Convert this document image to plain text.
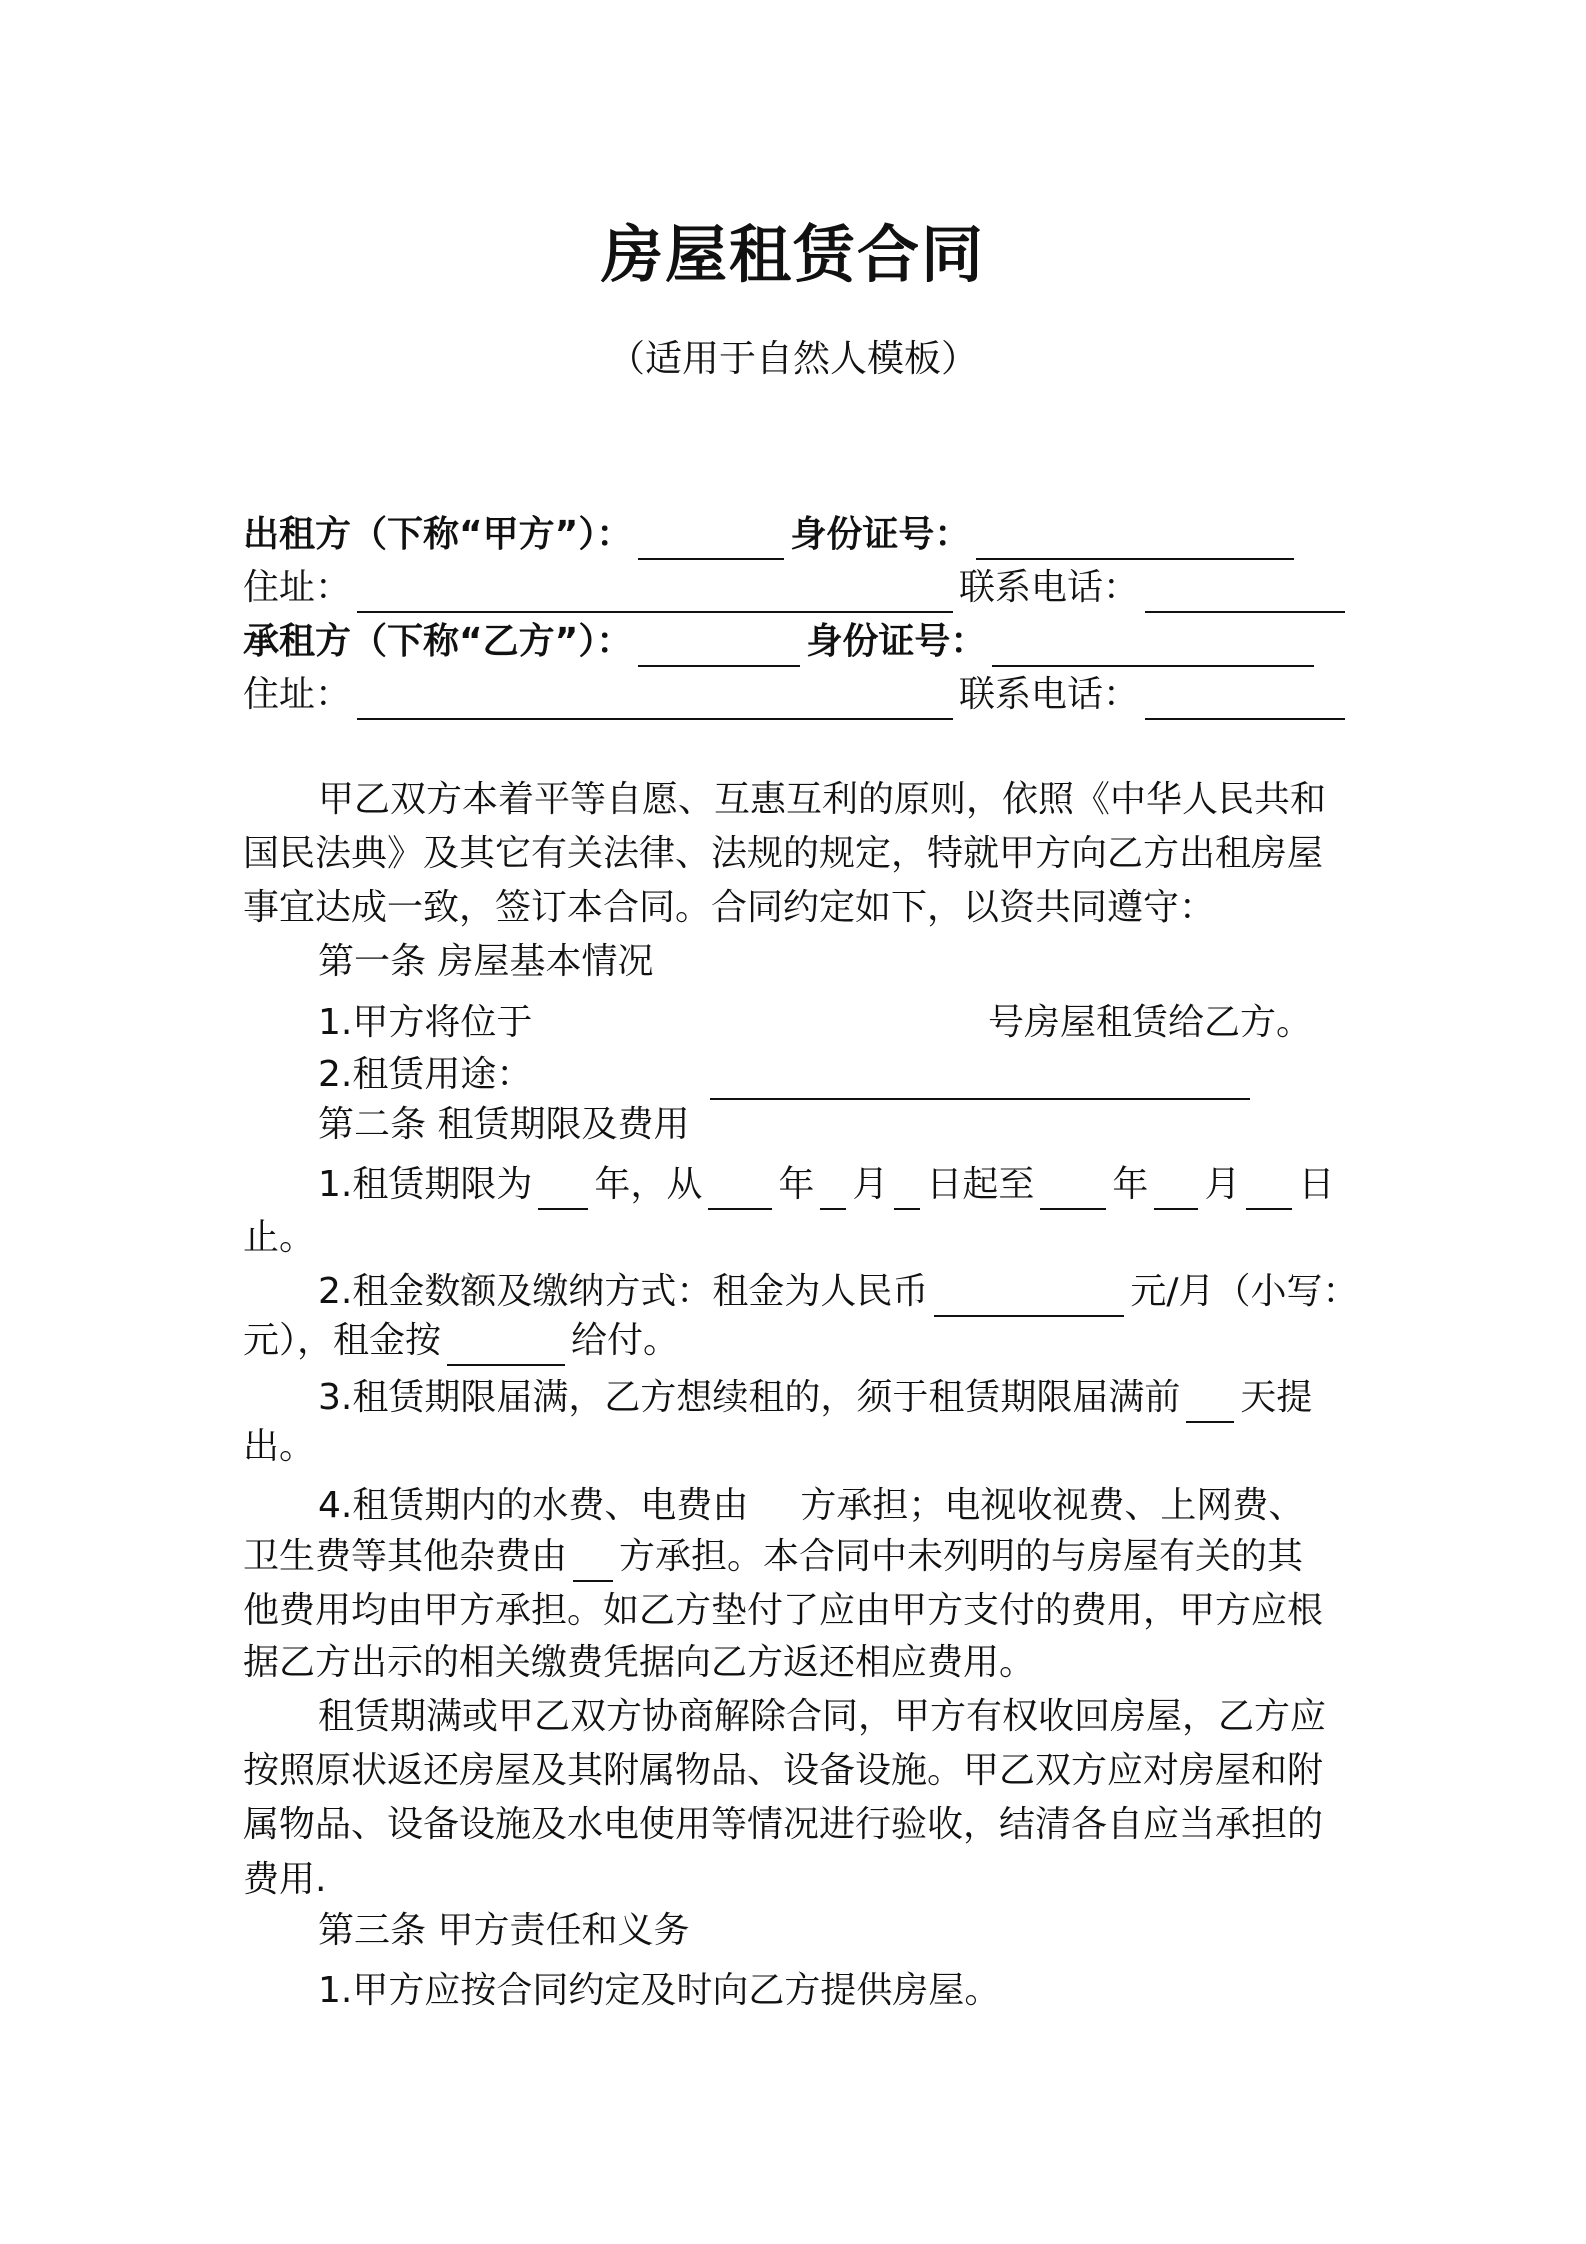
房屋租赁合同
（适用于自然人模板）
出租方（下称“甲方”）：	身份证号：
住址：	联系电话：
承租方（下称“乙方”）：	身份证号：
住址：	联系电话：
甲乙双方本着平等自愿、互惠互利的原则，依照《中华人民共和
国民法典》及其它有关法律、法规的规定，特就甲方向乙方出租房屋
事宜达成一致，签订本合同。合同约定如下，以资共同遵守：
第一条 房屋基本情况
1.甲方将位于	号房屋租赁给乙方。
2.租赁用途：
第二条 租赁期限及费用
1.租赁期限为 年，从 年 月 日起至 年 月 日
止。
2.租金数额及缴纳方式：租金为人民币	元/月（小写：
元），租金按	给付。
3.租赁期限届满，乙方想续租的，须于租赁期限届满前 天提
出。
4.租赁期内的水费、电费由 方承担；电视收视费、上网费、
卫生费等其他杂费由 方承担。本合同中未列明的与房屋有关的其
他费用均由甲方承担。如乙方垫付了应由甲方支付的费用，甲方应根
据乙方出示的相关缴费凭据向乙方返还相应费用。
租赁期满或甲乙双方协商解除合同，甲方有权收回房屋，乙方应
按照原状返还房屋及其附属物品、设备设施。甲乙双方应对房屋和附
属物品、设备设施及水电使用等情况进行验收，结清各自应当承担的
费用.
第三条 甲方责任和义务
1.甲方应按合同约定及时向乙方提供房屋。
